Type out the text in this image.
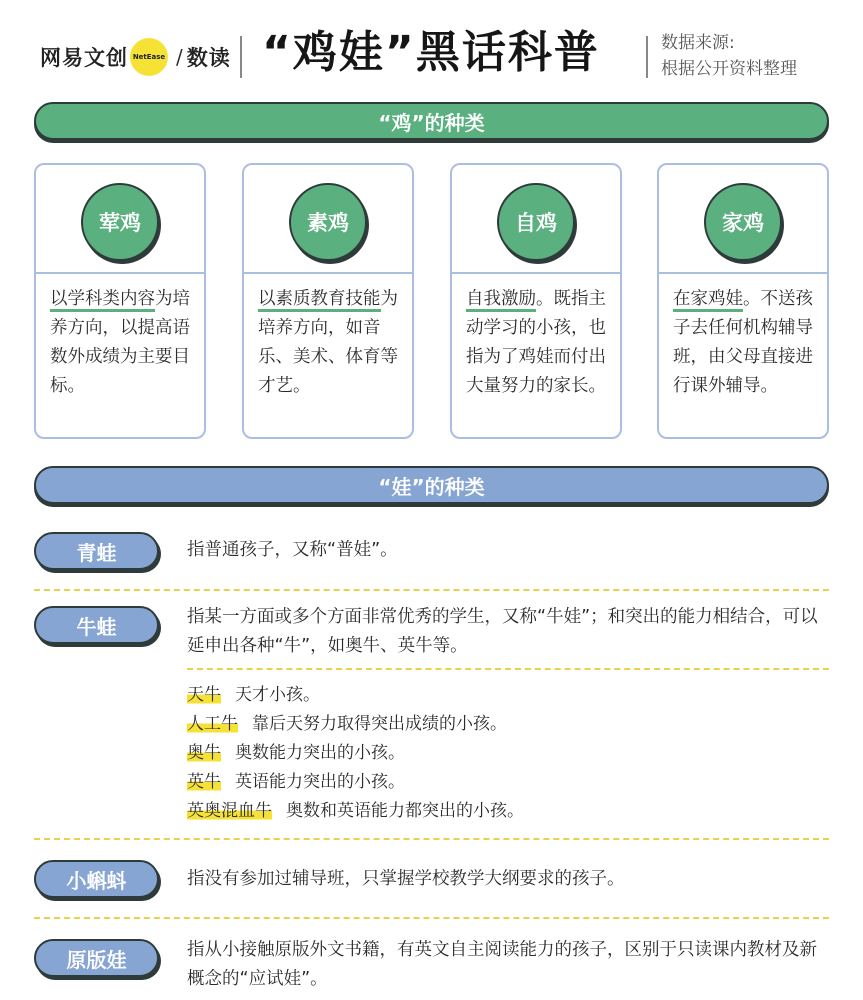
网易文创 NetEase / 数读 “鸡娃”黑话科普	数据来源:
根据公开资料整理
“鸡”的种类
荤鸡
以学科类内容为培养方向，以提高语数外成绩为主要目标。
素鸡
以素质教育技能为培养方向，如音乐、美术、体育等才艺。
自鸡
自我激励。既指主动学习的小孩，也指为了鸡娃而付出大量努力的家长。
家鸡
在家鸡娃。不送孩子去任何机构辅导班，由父母直接进行课外辅导。
“娃”的种类
青蛙	指普通孩子，又称“普娃”。
牛蛙	指某一方面或多个方面非常优秀的学生，又称“牛娃”；和突出的能力相结合，可以延申出各种“牛”，如奥牛、英牛等。
天牛 天才小孩。
人工牛 靠后天努力取得突出成绩的小孩。
奥牛 奥数能力突出的小孩。
英牛 英语能力突出的小孩。
英奥混血牛 奥数和英语能力都突出的小孩。
小蝌蚪	指没有参加过辅导班，只掌握学校教学大纲要求的孩子。
原版娃	指从小接触原版外文书籍，有英文自主阅读能力的孩子，区别于只读课内教材及新概念的“应试娃”。
